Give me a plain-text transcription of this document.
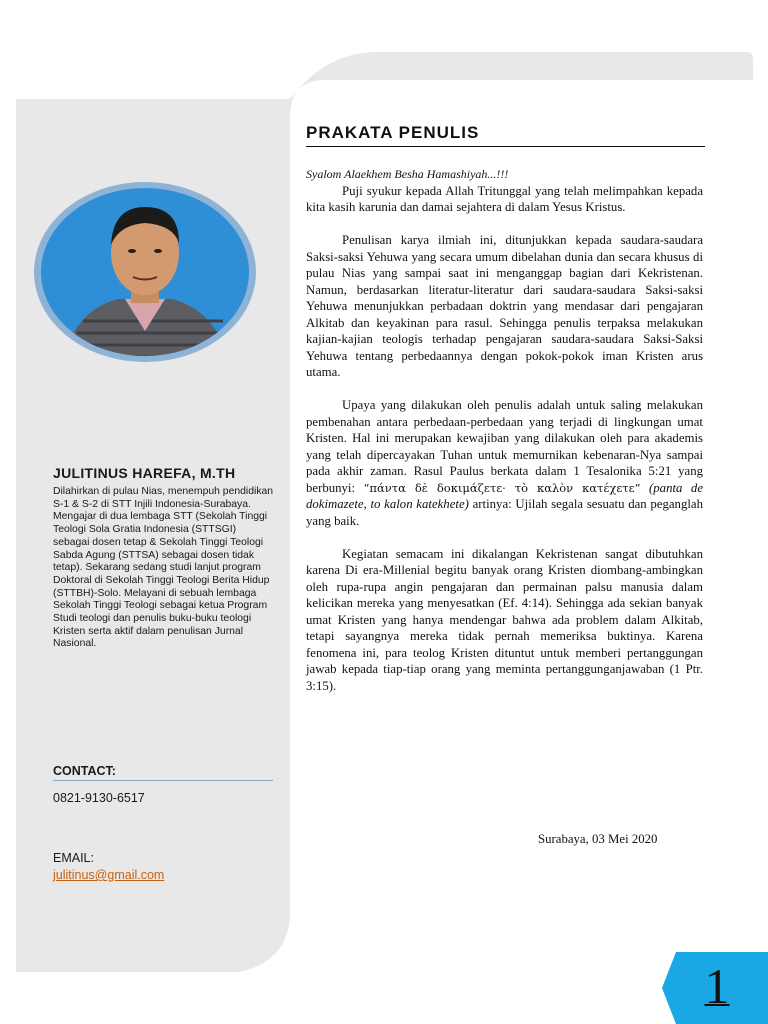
JULITINUS HAREFA, M.TH

Dilahirkan di pulau Nias, menempuh pendidikan S-1 & S-2 di STT Injili Indonesia-Surabaya. Mengajar di dua lembaga STT (Sekolah Tinggi Teologi Sola Gratia Indonesia (STTSGI) sebagai dosen tetap & Sekolah Tinggi Teologi Sabda Agung (STTSA) sebagai dosen tidak tetap). Sekarang sedang studi lanjut program Doktoral di Sekolah Tinggi Teologi Berita Hidup (STTBH)-Solo. Melayani di sebuah lembaga Sekolah Tinggi Teologi sebagai ketua Program Studi teologi dan penulis buku-buku teologi Kristen serta aktif dalam penulisan Jurnal Nasional.

CONTACT:

0821-9130-6517

EMAIL:

julitinus@gmail.com
PRAKATA PENULIS

Syalom Alaekhem Besha Hamashiyah...!!!

Puji syukur kepada Allah Tritunggal yang telah melimpahkan kepada kita kasih karunia dan damai sejahtera di dalam Yesus Kristus.

Penulisan karya ilmiah ini, ditunjukkan kepada saudara-saudara Saksi-saksi Yehuwa yang secara umum dibelahan dunia dan secara khusus di pulau Nias yang sampai saat ini menganggap bagian dari Kekristenan. Namun, berdasarkan literatur-literatur dari saudara-saudara Saksi-saksi Yehuwa menunjukkan perbadaan doktrin yang mendasar dari pengajaran Alkitab dan keyakinan para rasul. Sehingga penulis terpaksa melakukan kajian-kajian teologis terhadap pengajaran saudara-saudara Saksi-Saksi Yehuwa tentang perbedaannya dengan pokok-pokok iman Kristen arus utama.

Upaya yang dilakukan oleh penulis adalah untuk saling melakukan pembenahan antara perbedaan-perbedaan yang terjadi di lingkungan umat Kristen. Hal ini merupakan kewajiban yang dilakukan oleh para akademis yang telah dipercayakan Tuhan untuk memurnikan kebenaran-Nya sampai pada akhir zaman. Rasul Paulus berkata dalam 1 Tesalonika 5:21 yang berbunyi: “πάντα δὲ δοκιμάζετε· τὸ καλὸν κατέχετε” (panta de dokimazete, to kalon katekhete) artinya: Ujilah segala sesuatu dan peganglah yang baik.

Kegiatan semacam ini dikalangan Kekristenan sangat dibutuhkan karena Di era-Millenial begitu banyak orang Kristen diombang-ambingkan oleh rupa-rupa angin pengajaran dan permainan palsu manusia dalam kelicikan mereka yang menyesatkan (Ef. 4:14). Sehingga ada sekian banyak umat Kristen yang hanya mendengar bahwa ada problem dalam Alkitab, tetapi sayangnya mereka tidak pernah memeriksa buktinya. Karena fenomena ini, para teolog Kristen dituntut untuk memberi pertanggungan jawab kepada tiap-tiap orang yang meminta pertanggunganjawaban (1 Ptr. 3:15).

Surabaya, 03 Mei 2020

1
